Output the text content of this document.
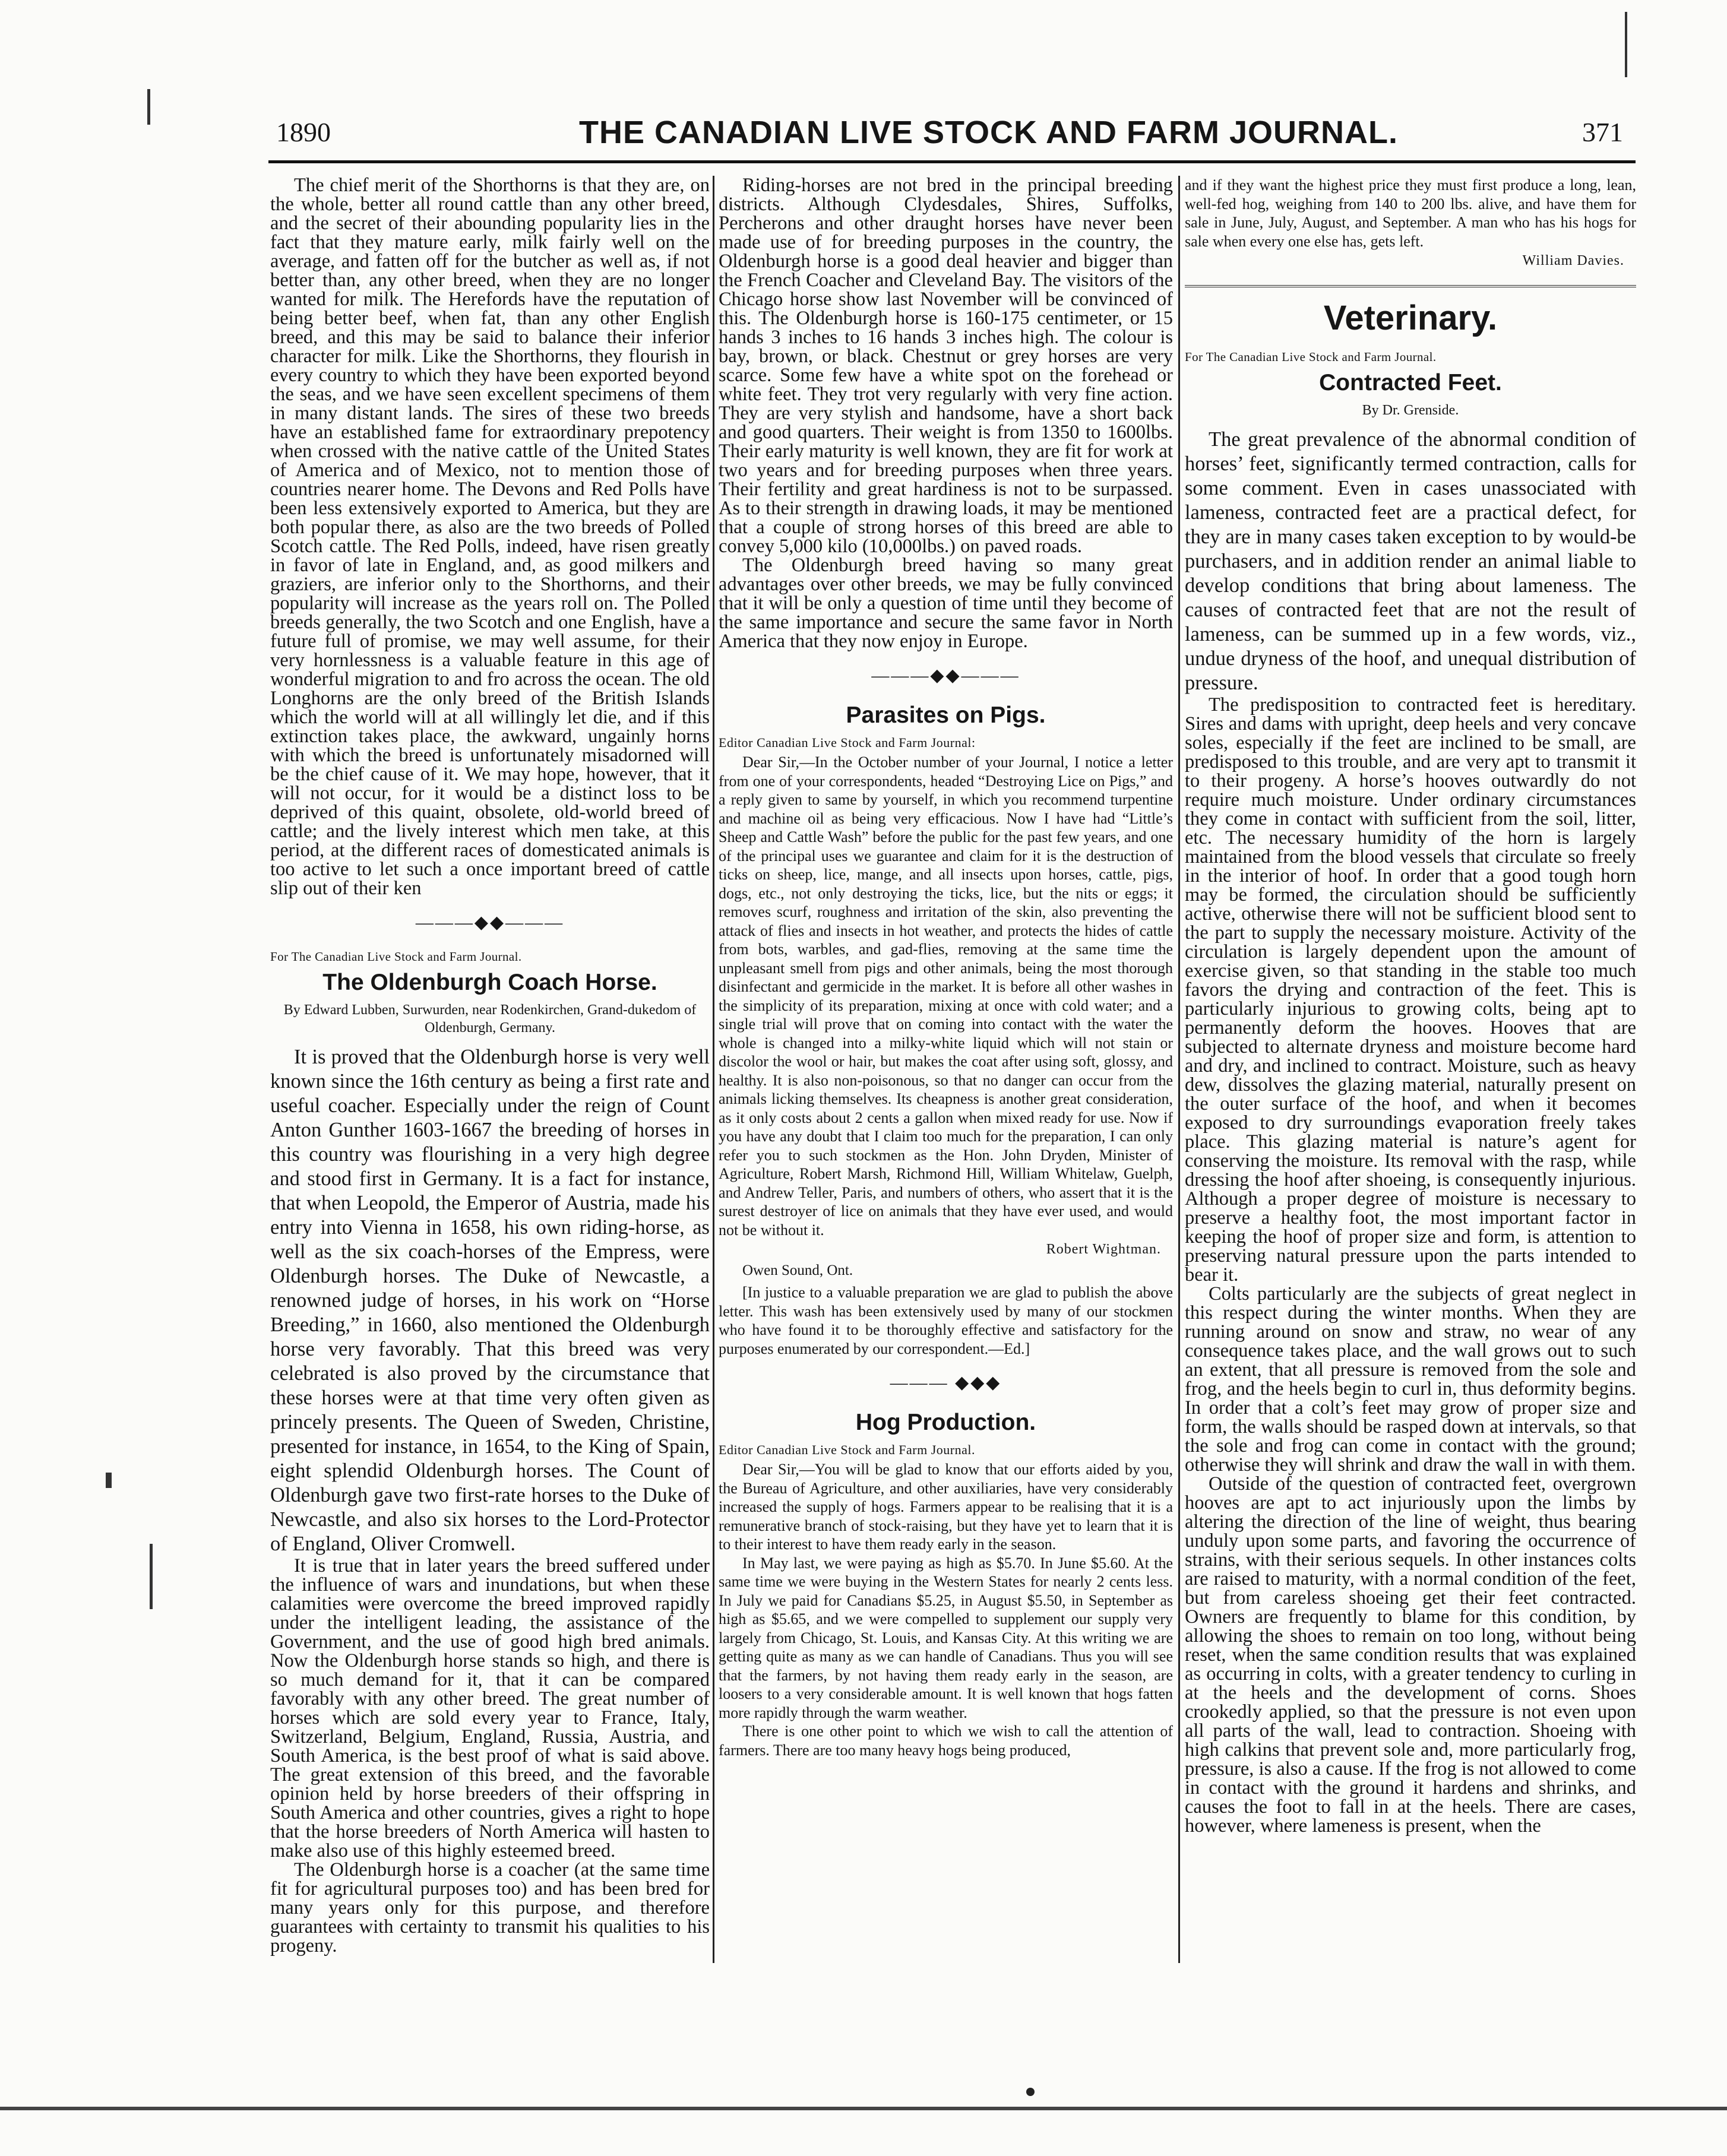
1890	THE CANADIAN LIVE STOCK AND FARM JOURNAL.	371

The chief merit of the Shorthorns is that they are, on the whole, better all round cattle than any other breed, and the secret of their abounding popularity lies in the fact that they mature early, milk fairly well on the average, and fatten off for the butcher as well as, if not better than, any other breed, when they are no longer wanted for milk. The Herefords have the reputation of being better beef, when fat, than any other English breed, and this may be said to balance their inferior character for milk. Like the Shorthorns, they flourish in every country to which they have been exported beyond the seas, and we have seen excellent specimens of them in many distant lands. The sires of these two breeds have an established fame for extraordinary prepotency when crossed with the native cattle of the United States of America and of Mexico, not to mention those of countries nearer home. The Devons and Red Polls have been less extensively exported to America, but they are both popular there, as also are the two breeds of Polled Scotch cattle. The Red Polls, indeed, have risen greatly in favor of late in England, and, as good milkers and graziers, are inferior only to the Shorthorns, and their popularity will increase as the years roll on. The Polled breeds generally, the two Scotch and one English, have a future full of promise, we may well assume, for their very hornlessness is a valuable feature in this age of wonderful migration to and fro across the ocean. The old Longhorns are the only breed of the British Islands which the world will at all willingly let die, and if this extinction takes place, the awkward, ungainly horns with which the breed is unfortunately misadorned will be the chief cause of it. We may hope, however, that it will not occur, for it would be a distinct loss to be deprived of this quaint, obsolete, old-world breed of cattle; and the lively interest which men take, at this period, at the different races of domesticated animals is too active to let such a once important breed of cattle slip out of their ken

———◆◆———
For The Canadian Live Stock and Farm Journal.
The Oldenburgh Coach Horse.
By Edward Lubben, Surwurden, near Rodenkirchen, Grand-dukedom of Oldenburgh, Germany.

It is proved that the Oldenburgh horse is very well known since the 16th century as being a first rate and useful coacher. Especially under the reign of Count Anton Gunther 1603-1667 the breeding of horses in this country was flourishing in a very high degree and stood first in Germany. It is a fact for instance, that when Leopold, the Emperor of Austria, made his entry into Vienna in 1658, his own riding-horse, as well as the six coach-horses of the Empress, were Oldenburgh horses. The Duke of Newcastle, a renowned judge of horses, in his work on “Horse Breeding,” in 1660, also mentioned the Oldenburgh horse very favorably. That this breed was very celebrated is also proved by the circumstance that these horses were at that time very often given as princely presents. The Queen of Sweden, Christine, presented for instance, in 1654, to the King of Spain, eight splendid Oldenburgh horses. The Count of Oldenburgh gave two first-rate horses to the Duke of Newcastle, and also six horses to the Lord-Protector of England, Oliver Cromwell.

It is true that in later years the breed suffered under the influence of wars and inundations, but when these calamities were overcome the breed improved rapidly under the intelligent leading, the assistance of the Government, and the use of good high bred animals. Now the Oldenburgh horse stands so high, and there is so much demand for it, that it can be compared favorably with any other breed. The great number of horses which are sold every year to France, Italy, Switzerland, Belgium, England, Russia, Austria, and South America, is the best proof of what is said above. The great extension of this breed, and the favorable opinion held by horse breeders of their offspring in South America and other countries, gives a right to hope that the horse breeders of North America will hasten to make also use of this highly esteemed breed.

The Oldenburgh horse is a coacher (at the same time fit for agricultural purposes too) and has been bred for many years only for this purpose, and therefore guarantees with certainty to transmit his qualities to his progeny.

Riding-horses are not bred in the principal breeding districts. Although Clydesdales, Shires, Suffolks, Percherons and other draught horses have never been made use of for breeding purposes in the country, the Oldenburgh horse is a good deal heavier and bigger than the French Coacher and Cleveland Bay. The visitors of the Chicago horse show last November will be convinced of this. The Oldenburgh horse is 160-175 centimeter, or 15 hands 3 inches to 16 hands 3 inches high. The colour is bay, brown, or black. Chestnut or grey horses are very scarce. Some few have a white spot on the forehead or white feet. They trot very regularly with very fine action. They are very stylish and handsome, have a short back and good quarters. Their weight is from 1350 to 1600lbs. Their early maturity is well known, they are fit for work at two years and for breeding purposes when three years. Their fertility and great hardiness is not to be surpassed. As to their strength in drawing loads, it may be mentioned that a couple of strong horses of this breed are able to convey 5,000 kilo (10,000lbs.) on paved roads.

The Oldenburgh breed having so many great advantages over other breeds, we may be fully convinced that it will be only a question of time until they become of the same importance and secure the same favor in North America that they now enjoy in Europe.

———◆◆———
Parasites on Pigs.
Editor Canadian Live Stock and Farm Journal:

Dear Sir,—In the October number of your Journal, I notice a letter from one of your correspondents, headed “Destroying Lice on Pigs,” and a reply given to same by yourself, in which you recommend turpentine and machine oil as being very efficacious. Now I have had “Little’s Sheep and Cattle Wash” before the public for the past few years, and one of the principal uses we guarantee and claim for it is the destruction of ticks on sheep, lice, mange, and all insects upon horses, cattle, pigs, dogs, etc., not only destroying the ticks, lice, but the nits or eggs; it removes scurf, roughness and irritation of the skin, also preventing the attack of flies and insects in hot weather, and protects the hides of cattle from bots, warbles, and gad-flies, removing at the same time the unpleasant smell from pigs and other animals, being the most thorough disinfectant and germicide in the market. It is before all other washes in the simplicity of its preparation, mixing at once with cold water; and a single trial will prove that on coming into contact with the water the whole is changed into a milky-white liquid which will not stain or discolor the wool or hair, but makes the coat after using soft, glossy, and healthy. It is also non-poisonous, so that no danger can occur from the animals licking themselves. Its cheapness is another great consideration, as it only costs about 2 cents a gallon when mixed ready for use. Now if you have any doubt that I claim too much for the preparation, I can only refer you to such stockmen as the Hon. John Dryden, Minister of Agriculture, Robert Marsh, Richmond Hill, William Whitelaw, Guelph, and Andrew Teller, Paris, and numbers of others, who assert that it is the surest destroyer of lice on animals that they have ever used, and would not be without it.

Robert Wightman.
Owen Sound, Ont.

[In justice to a valuable preparation we are glad to publish the above letter. This wash has been extensively used by many of our stockmen who have found it to be thoroughly effective and satisfactory for the purposes enumerated by our correspondent.—Ed.]

——— ◆◆◆
Hog Production.
Editor Canadian Live Stock and Farm Journal.

Dear Sir,—You will be glad to know that our efforts aided by you, the Bureau of Agriculture, and other auxiliaries, have very considerably increased the supply of hogs. Farmers appear to be realising that it is a remunerative branch of stock-raising, but they have yet to learn that it is to their interest to have them ready early in the season.

In May last, we were paying as high as $5.70. In June $5.60. At the same time we were buying in the Western States for nearly 2 cents less. In July we paid for Canadians $5.25, in August $5.50, in September as high as $5.65, and we were compelled to supplement our supply very largely from Chicago, St. Louis, and Kansas City. At this writing we are getting quite as many as we can handle of Canadians. Thus you will see that the farmers, by not having them ready early in the season, are loosers to a very considerable amount. It is well known that hogs fatten more rapidly through the warm weather.

There is one other point to which we wish to call the attention of farmers. There are too many heavy hogs being produced,

and if they want the highest price they must first produce a long, lean, well-fed hog, weighing from 140 to 200 lbs. alive, and have them for sale in June, July, August, and September. A man who has his hogs for sale when every one else has, gets left.

William Davies.
Veterinary.
For The Canadian Live Stock and Farm Journal.
Contracted Feet.
By Dr. Grenside.

The great prevalence of the abnormal condition of horses’ feet, significantly termed contraction, calls for some comment. Even in cases unassociated with lameness, contracted feet are a practical defect, for they are in many cases taken exception to by would-be purchasers, and in addition render an animal liable to develop conditions that bring about lameness. The causes of contracted feet that are not the result of lameness, can be summed up in a few words, viz., undue dryness of the hoof, and unequal distribution of pressure.

The predisposition to contracted feet is hereditary. Sires and dams with upright, deep heels and very concave soles, especially if the feet are inclined to be small, are predisposed to this trouble, and are very apt to transmit it to their progeny. A horse’s hooves outwardly do not require much moisture. Under ordinary circumstances they come in contact with sufficient from the soil, litter, etc. The necessary humidity of the horn is largely maintained from the blood vessels that circulate so freely in the interior of hoof. In order that a good tough horn may be formed, the circulation should be sufficiently active, otherwise there will not be sufficient blood sent to the part to supply the necessary moisture. Activity of the circulation is largely dependent upon the amount of exercise given, so that standing in the stable too much favors the drying and contraction of the feet. This is particularly injurious to growing colts, being apt to permanently deform the hooves. Hooves that are subjected to alternate dryness and moisture become hard and dry, and inclined to contract. Moisture, such as heavy dew, dissolves the glazing material, naturally present on the outer surface of the hoof, and when it becomes exposed to dry surroundings evaporation freely takes place. This glazing material is nature’s agent for conserving the moisture. Its removal with the rasp, while dressing the hoof after shoeing, is consequently injurious. Although a proper degree of moisture is necessary to preserve a healthy foot, the most important factor in keeping the hoof of proper size and form, is attention to preserving natural pressure upon the parts intended to bear it.

Colts particularly are the subjects of great neglect in this respect during the winter months. When they are running around on snow and straw, no wear of any consequence takes place, and the wall grows out to such an extent, that all pressure is removed from the sole and frog, and the heels begin to curl in, thus deformity begins. In order that a colt’s feet may grow of proper size and form, the walls should be rasped down at intervals, so that the sole and frog can come in contact with the ground; otherwise they will shrink and draw the wall in with them.

Outside of the question of contracted feet, overgrown hooves are apt to act injuriously upon the limbs by altering the direction of the line of weight, thus bearing unduly upon some parts, and favoring the occurrence of strains, with their serious sequels. In other instances colts are raised to maturity, with a normal condition of the feet, but from careless shoeing get their feet contracted. Owners are frequently to blame for this condition, by allowing the shoes to remain on too long, without being reset, when the same condition results that was explained as occurring in colts, with a greater tendency to curling in at the heels and the development of corns. Shoes crookedly applied, so that the pressure is not even upon all parts of the wall, lead to contraction. Shoeing with high calkins that prevent sole and, more particularly frog, pressure, is also a cause. If the frog is not allowed to come in contact with the ground it hardens and shrinks, and causes the foot to fall in at the heels. There are cases, however, where lameness is present, when the
